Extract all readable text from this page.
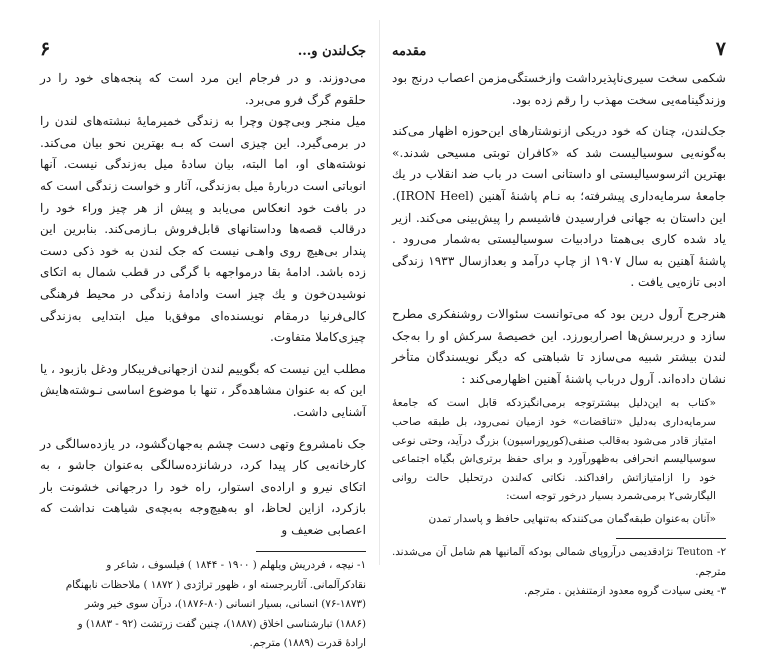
جک‌لندن و...
۶

می‌دوزند. و در فرجام این مرد است که پنجه‌های خود را در حلقوم گرگ فرو می‌برد.

میل منجر وبی‌چون وچرا به زندگی خمیرمایهٔ نبشته‌های لندن را در برمی‌گیرد. این چیزی است که بـه بهترین نحو بیان می‌کند. نوشته‌های او، اما البته، بیان سادهٔ میل به‌زندگی نیست. آنها انوباتی است دربارهٔ میل به‌زندگی، آثار و خواست زندگی است که در بافت خود انعکاس می‌یابد و پیش از هر چیز وراء خود را درقالب قصه‌ها وداستانهای قابل‌فروش بـازمی‌کند. بنابرین این پندار بی‌هیچ روی واهـی نیست که جک لندن به خود ذکی دست زده باشد. ادامهٔ بقا درمواجهه با گرگی در قطب شمال به اتکای نوشیدن‌خون و یك چیز است وادامهٔ زندگی در محیط فرهنگی کالی‌فرنیا درمقام نویسنده‌ای موفق‌با میل ابتدایی به‌زندگی چیزی‌کاملا متفاوت.

مطلب این نیست که بگوییم لندن ازجهانی‌فریبکار ودغل بازبود ، یا این که به عنوان مشاهده‌گر ، تنها با موضوع اساسی نـوشته‌هایش آشنایی داشت.

جک نامشروع وتهی دست چشم به‌جهان‌گشود، در یازده‌سالگی در کارخانه‌یی کار پیدا کرد، درشانزده‌سالگی به‌عنوان جاشو ، به اتکای نیرو و اراده‌ی استوار، راه خود را درجهانی خشونت بار بازکرد، ازاین لحاظ، او به‌هیچ‌وجه به‌بچه‌ی شیاهت نداشت که اعصابی ضعیف و

۱- نیچه ، فردریش ویلهلم ( ۱۹۰۰ - ۱۸۴۴ ) فیلسوف ، شاعر و

نقادکرآلمانی. آثاربرجسته او ، ظهور تراژدی ( ۱۸۷۲ ) ملاحظات نابهنگام

(۷۶-۱۸۷۳) انسانی، بسیار انسانی (۸۰-۱۸۷۶)، درآن سوی خیر وشر

(۱۸۸۶) تبارشناسی اخلاق (۱۸۸۷)، چنین گفت زرتشت (۹۲ - ۱۸۸۳) و

ارادهٔ قدرت (۱۸۸۹) مترجم.

۷
مقدمه

شکمی سخت سیری‌ناپذیرداشت وازخستگی‌مزمن اعصاب درنج بود وزندگینامه‌یی سخت مهذب را رقم زده بود.

جک‌لندن، چنان که خود دریکی ازنوشتارهای این‌حوزه اظهار می‌کند به‌گونه‌یی سوسیالیست شد که «کافران توبتی مسیحی شدند.» بهترین اثرسوسیالیستی او داستانی است در باب ضد انقلاب در یك جامعهٔ سرمایه‌داری پیشرفته؛ به نـام پاشنهٔ آهنین (IRON Heel). این داستان به جهانی فرارسیدن فاشیسم را پیش‌بینی می‌کند. ازیر یاد شده کاری بی‌همتا درادبیات سوسیالیستی به‌شمار می‌رود . پاشنهٔ آهنین به سال ۱۹۰۷ از چاپ درآمد و بعدازسال ۱۹۳۳ زندگی ادبی تازه‌یی یافت .

هنرجرج آرول درین بود که می‌توانست سئوالات روشنفکری مطرح سازد و دربرسش‌ها اصراربورزد. این خصیصهٔ سرکش او را به‌جک لندن بیشتر شبیه می‌سازد تا شباهتی که دیگر نویسندگان متأخر نشان داده‌اند. آرول درباب پاشنهٔ آهنین اظهارمی‌کند :

«کتاب به این‌دلیل بیشترتوجه برمی‌انگیزدکه قابل است که جامعهٔ سرمایه‌داری به‌دلیل «تناقضات» خود ازمیان نمی‌رود، بل طبقه صاحب امتیاز قادر می‌شود به‌قالب صنفی(کورپوراسیون) بزرگ درآید، وحتی نوعی سوسیالیسم انحرافی به‌ظهورآورد و برای حفظ برتری‌اش بگیاه اجتماعی خود را ازامتیازاتش رافداکند. نکاتی که‌لندن درتحلیل حالت روانی الیگارشی۲ برمی‌شمرد بسیار درخور توجه است:

«آنان به‌عنوان طبقه‌گمان می‌کنندکه به‌تنهایی حافظ و پاسدار تمدن

۲- Teuton نژادقدیمی درآروپای شمالی بودکه آلمانیها هم شامل آن می‌شدند. مترجم.

۳- یعنی سیادت گروه معدود ازمتنفذین . مترجم.
